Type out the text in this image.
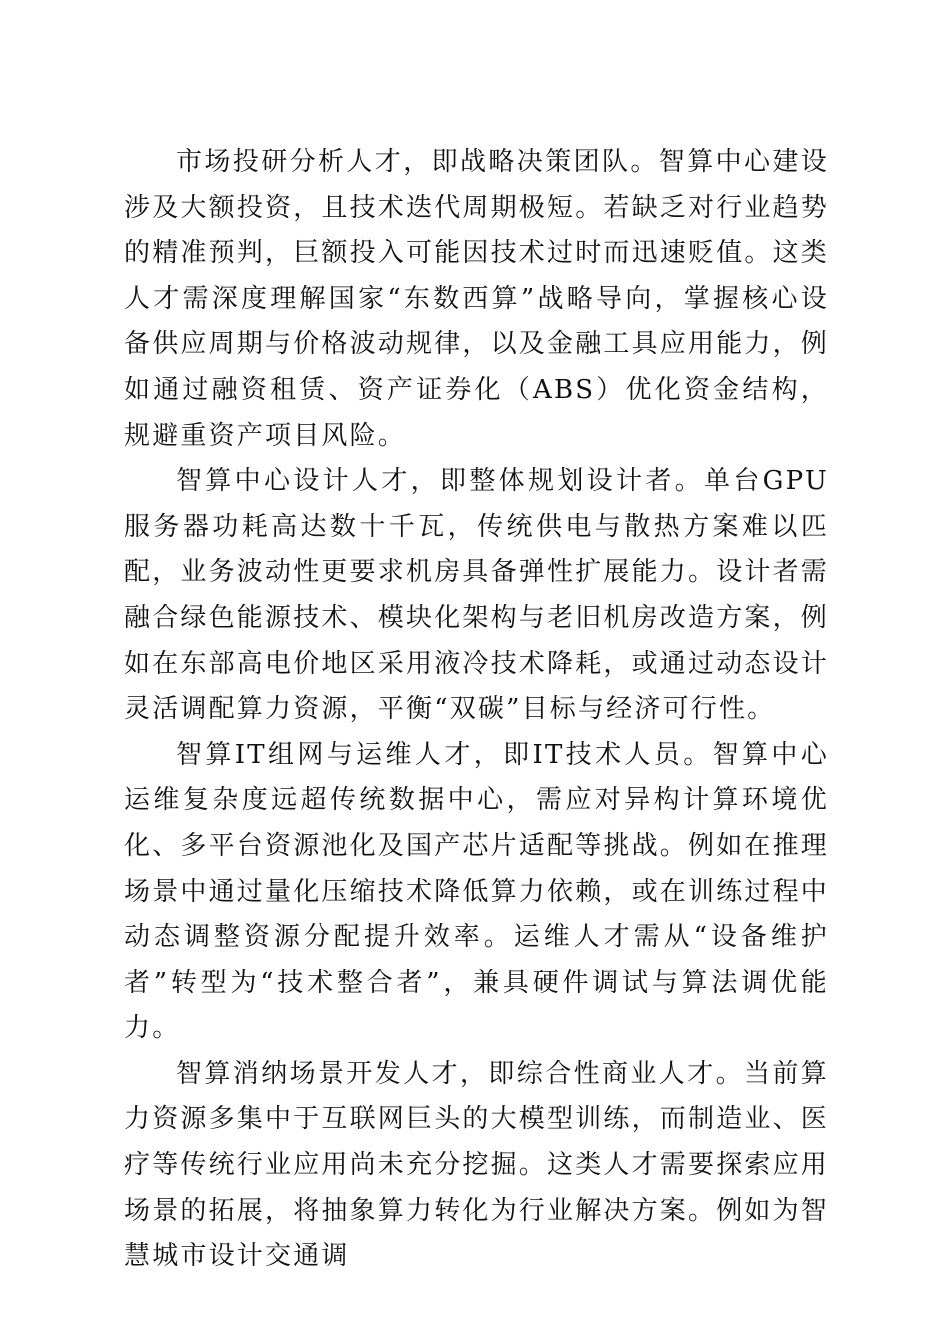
市场投研分析人才，即战略决策团队。智算中心建设涉及大额投资，且技术迭代周期极短。若缺乏对行业趋势的精准预判，巨额投入可能因技术过时而迅速贬值。这类人才需深度理解国家“东数西算”战略导向，掌握核心设备供应周期与价格波动规律，以及金融工具应用能力，例如通过融资租赁、资产证券化（ABS）优化资金结构，规避重资产项目风险。

智算中心设计人才，即整体规划设计者。单台GPU服务器功耗高达数十千瓦，传统供电与散热方案难以匹配，业务波动性更要求机房具备弹性扩展能力。设计者需融合绿色能源技术、模块化架构与老旧机房改造方案，例如在东部高电价地区采用液冷技术降耗，或通过动态设计灵活调配算力资源，平衡“双碳”目标与经济可行性。

智算IT组网与运维人才，即IT技术人员。智算中心运维复杂度远超传统数据中心，需应对异构计算环境优化、多平台资源池化及国产芯片适配等挑战。例如在推理场景中通过量化压缩技术降低算力依赖，或在训练过程中动态调整资源分配提升效率。运维人才需从“设备维护者”转型为“技术整合者”，兼具硬件调试与算法调优能力。

智算消纳场景开发人才，即综合性商业人才。当前算力资源多集中于互联网巨头的大模型训练，而制造业、医疗等传统行业应用尚未充分挖掘。这类人才需要探索应用场景的拓展，将抽象算力转化为行业解决方案。例如为智慧城市设计交通调
